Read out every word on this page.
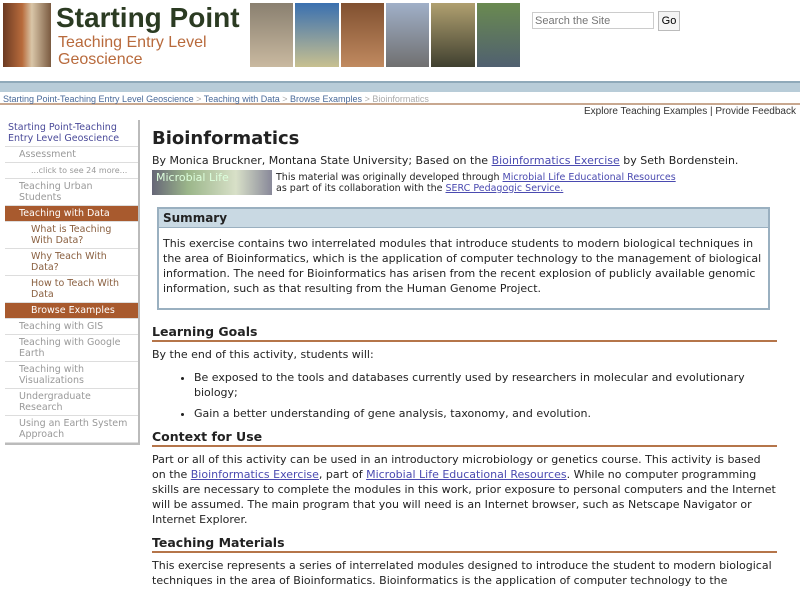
Starting Point
Teaching Entry Level Geoscience
Search the Site
Go
Starting Point-Teaching Entry Level Geoscience > Teaching with Data > Browse Examples > Bioinformatics
Explore Teaching Examples | Provide Feedback
Starting Point-Teaching Entry Level Geoscience
Assessment
...click to see 24 more...
Teaching Urban Students
Teaching with Data
What is Teaching With Data?
Why Teach With Data?
How to Teach With Data
Browse Examples
Teaching with GIS
Teaching with Google Earth
Teaching with Visualizations
Undergraduate Research
Using an Earth System Approach
Bioinformatics

By Monica Bruckner, Montana State University; Based on the Bioinformatics Exercise by Seth Bordenstein.

Microbial Life	This material was originally developed through Microbial Life Educational Resources
as part of its collaboration with the SERC Pedagogic Service.
Summary

This exercise contains two interrelated modules that introduce students to modern biological techniques in the area of Bioinformatics, which is the application of computer technology to the management of biological information. The need for Bioinformatics has arisen from the recent explosion of publicly available genomic information, such as that resulting from the Human Genome Project.

Learning Goals

By the end of this activity, students will:

• Be exposed to the tools and databases currently used by researchers in molecular and evolutionary biology;
• Gain a better understanding of gene analysis, taxonomy, and evolution.
Context for Use

Part or all of this activity can be used in an introductory microbiology or genetics course. This activity is based on the Bioinformatics Exercise, part of Microbial Life Educational Resources. While no computer programming skills are necessary to complete the modules in this work, prior exposure to personal computers and the Internet will be assumed. The main program that you will need is an Internet browser, such as Netscape Navigator or Internet Explorer.

Teaching Materials

This exercise represents a series of interrelated modules designed to introduce the student to modern biological techniques in the area of Bioinformatics. Bioinformatics is the application of computer technology to the
